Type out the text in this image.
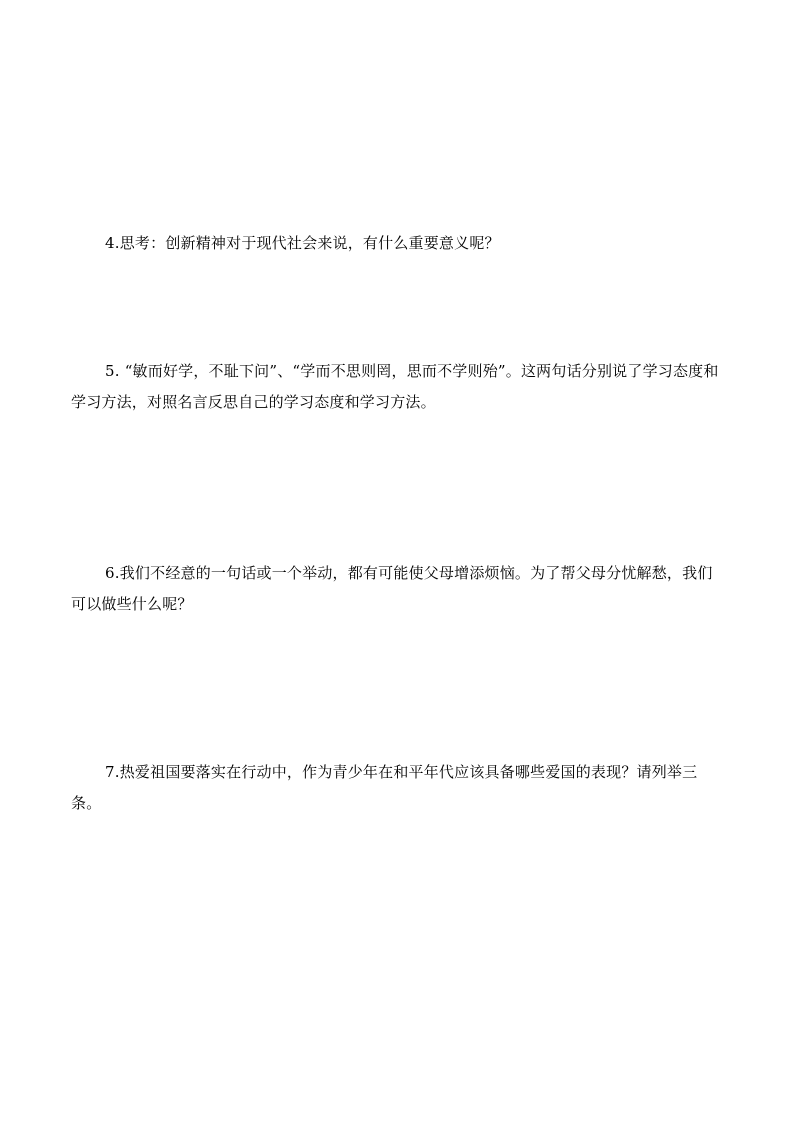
4.思考：创新精神对于现代社会来说，有什么重要意义呢？

5. “敏而好学，不耻下问”、“学而不思则罔，思而不学则殆”。这两句话分别说了学习态度和学习方法，对照名言反思自己的学习态度和学习方法。

6.我们不经意的一句话或一个举动，都有可能使父母增添烦恼。为了帮父母分忧解愁，我们可以做些什么呢？

7.热爱祖国要落实在行动中，作为青少年在和平年代应该具备哪些爱国的表现？请列举三条。
